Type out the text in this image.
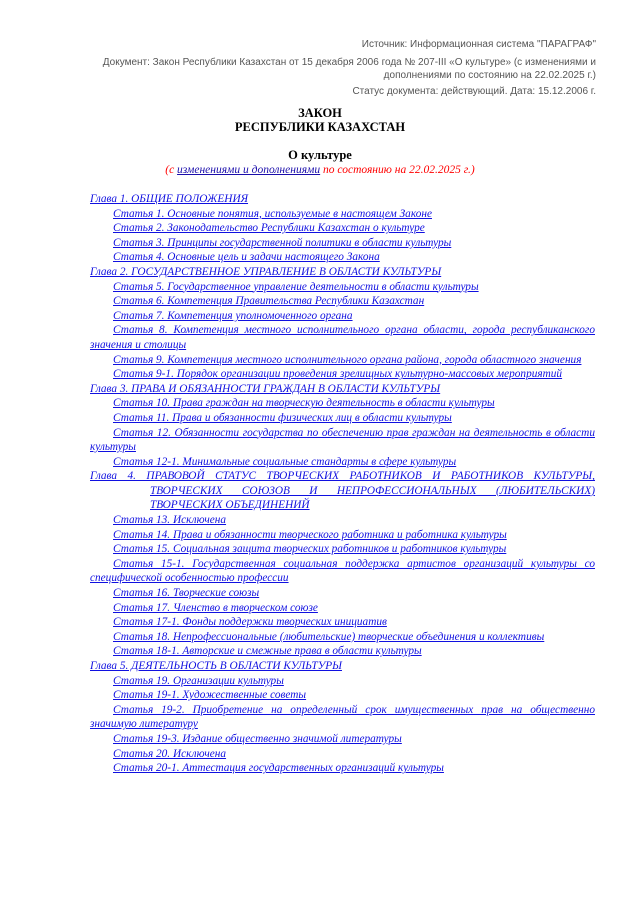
Источник: Информационная система "ПАРАГРАФ"
Документ: Закон Республики Казахстан от 15 декабря 2006 года № 207-III «О культуре» (с изменениями и дополнениями по состоянию на 22.02.2025 г.)
Статус документа: действующий. Дата: 15.12.2006 г.
ЗАКОН
РЕСПУБЛИКИ КАЗАХСТАН
О культуре
(с изменениями и дополнениями по состоянию на 22.02.2025 г.)
Глава 1. ОБЩИЕ ПОЛОЖЕНИЯ
Статья 1. Основные понятия, используемые в настоящем Законе
Статья 2. Законодательство Республики Казахстан о культуре
Статья 3. Принципы государственной политики в области культуры
Статья 4. Основные цель и задачи настоящего Закона
Глава 2. ГОСУДАРСТВЕННОЕ УПРАВЛЕНИЕ В ОБЛАСТИ КУЛЬТУРЫ
Статья 5. Государственное управление деятельности в области культуры
Статья 6. Компетенция Правительства Республики Казахстан
Статья 7. Компетенция уполномоченного органа
Статья 8. Компетенция местного исполнительного органа области, города республиканского значения и столицы
Статья 9. Компетенция местного исполнительного органа района, города областного значения
Статья 9-1. Порядок организации проведения зрелищных культурно-массовых мероприятий
Глава 3. ПРАВА И ОБЯЗАННОСТИ ГРАЖДАН В ОБЛАСТИ КУЛЬТУРЫ
Статья 10. Права граждан на творческую деятельность в области культуры
Статья 11. Права и обязанности физических лиц в области культуры
Статья 12. Обязанности государства по обеспечению прав граждан на деятельность в области культуры
Статья 12-1. Минимальные социальные стандарты в сфере культуры
Глава 4. ПРАВОВОЙ СТАТУС ТВОРЧЕСКИХ РАБОТНИКОВ И РАБОТНИКОВ КУЛЬТУРЫ, ТВОРЧЕСКИХ СОЮЗОВ И НЕПРОФЕССИОНАЛЬНЫХ (ЛЮБИТЕЛЬСКИХ) ТВОРЧЕСКИХ ОБЪЕДИНЕНИЙ
Статья 13. Исключена
Статья 14. Права и обязанности творческого работника и работника культуры
Статья 15. Социальная защита творческих работников и работников культуры
Статья 15-1. Государственная социальная поддержка артистов организаций культуры со специфической особенностью профессии
Статья 16. Творческие союзы
Статья 17. Членство в творческом союзе
Статья 17-1. Фонды поддержки творческих инициатив
Статья 18. Непрофессиональные (любительские) творческие объединения и коллективы
Статья 18-1. Авторские и смежные права в области культуры
Глава 5. ДЕЯТЕЛЬНОСТЬ В ОБЛАСТИ КУЛЬТУРЫ
Статья 19. Организации культуры
Статья 19-1. Художественные советы
Статья 19-2. Приобретение на определенный срок имущественных прав на общественно значимую литературу
Статья 19-3. Издание общественно значимой литературы
Статья 20. Исключена
Статья 20-1. Аттестация государственных организаций культуры
